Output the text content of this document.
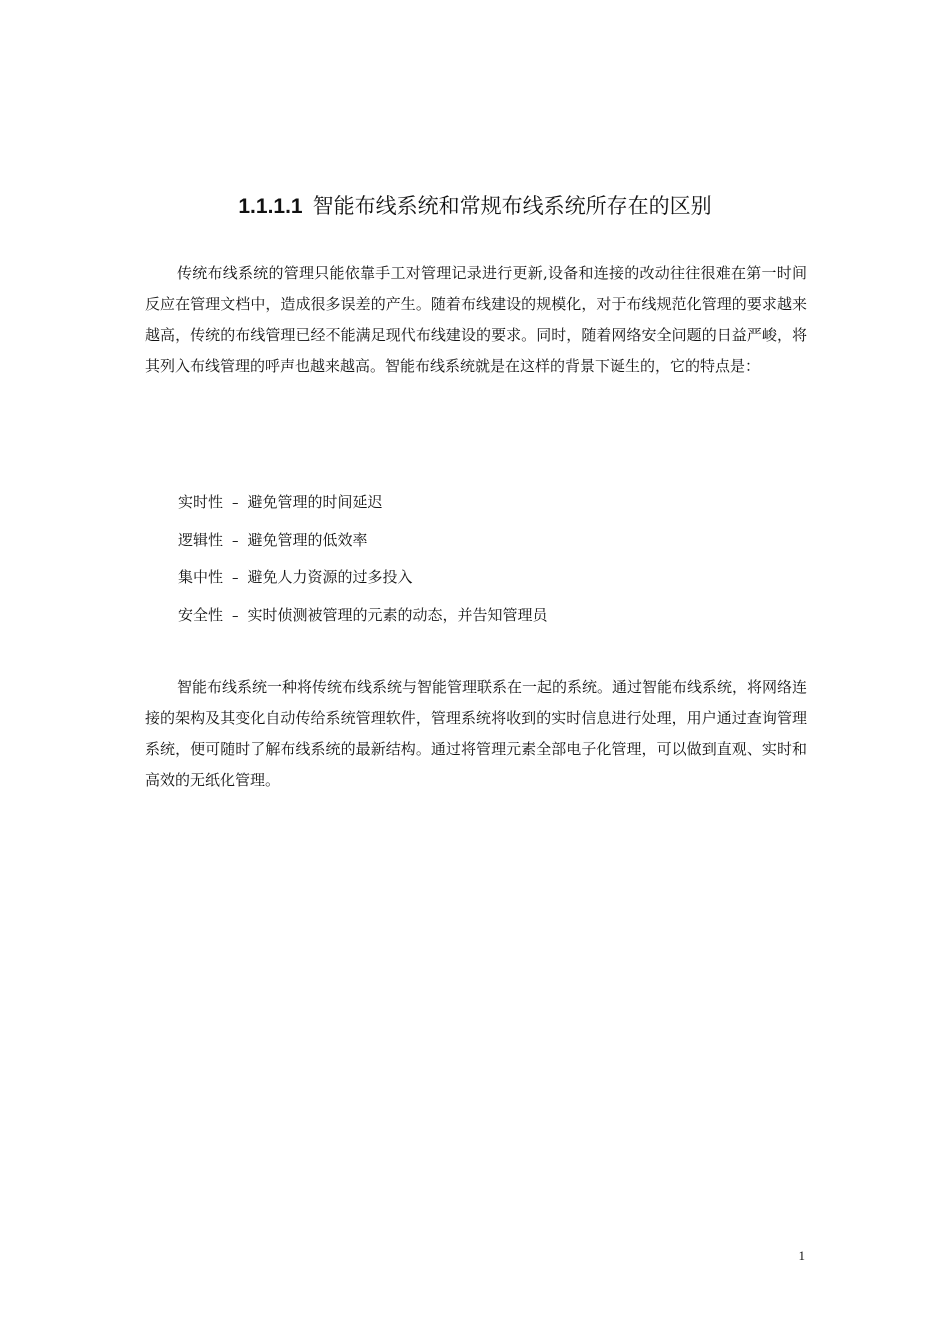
1.1.1.1 智能布线系统和常规布线系统所存在的区别

传统布线系统的管理只能依靠手工对管理记录进行更新,设备和连接的改动往往很难在第一时间反应在管理文档中，造成很多误差的产生。随着布线建设的规模化，对于布线规范化管理的要求越来越高，传统的布线管理已经不能满足现代布线建设的要求。同时，随着网络安全问题的日益严峻，将其列入布线管理的呼声也越来越高。智能布线系统就是在这样的背景下诞生的，它的特点是：

实时性 – 避免管理的时间延迟
逻辑性 – 避免管理的低效率
集中性 – 避免人力资源的过多投入
安全性 – 实时侦测被管理的元素的动态，并告知管理员

智能布线系统一种将传统布线系统与智能管理联系在一起的系统。通过智能布线系统，将网络连接的架构及其变化自动传给系统管理软件，管理系统将收到的实时信息进行处理，用户通过查询管理系统，便可随时了解布线系统的最新结构。通过将管理元素全部电子化管理，可以做到直观、实时和高效的无纸化管理。

1
